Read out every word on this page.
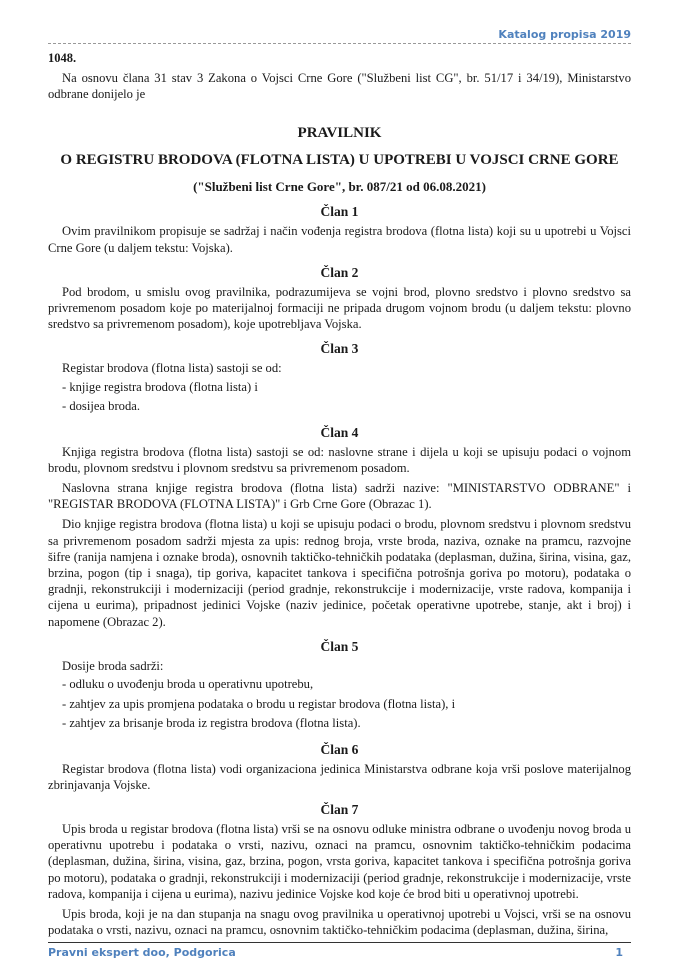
Katalog propisa 2019
1048.

Na osnovu člana 31 stav 3 Zakona o Vojsci Crne Gore ("Službeni list CG", br. 51/17 i 34/19), Ministarstvo odbrane donijelo je

PRAVILNIK
O REGISTRU BRODOVA (FLOTNA LISTA) U UPOTREBI U VOJSCI CRNE GORE
("Službeni list Crne Gore", br. 087/21 od 06.08.2021)
Član 1

Ovim pravilnikom propisuje se sadržaj i način vođenja registra brodova (flotna lista) koji su u upotrebi u Vojsci Crne Gore (u daljem tekstu: Vojska).

Član 2

Pod brodom, u smislu ovog pravilnika, podrazumijeva se vojni brod, plovno sredstvo i plovno sredstvo sa privremenom posadom koje po materijalnoj formaciji ne pripada drugom vojnom brodu (u daljem tekstu: plovno sredstvo sa privremenom posadom), koje upotrebljava Vojska.

Član 3

Registar brodova (flotna lista) sastoji se od:

- knjige registra brodova (flotna lista) i

- dosijea broda.

Član 4

Knjiga registra brodova (flotna lista) sastoji se od: naslovne strane i dijela u koji se upisuju podaci o vojnom brodu, plovnom sredstvu i plovnom sredstvu sa privremenom posadom.

Naslovna strana knjige registra brodova (flotna lista) sadrži nazive: "MINISTARSTVO ODBRANE" i "REGISTAR BRODOVA (FLOTNA LISTA)" i Grb Crne Gore (Obrazac 1).

Dio knjige registra brodova (flotna lista) u koji se upisuju podaci o brodu, plovnom sredstvu i plovnom sredstvu sa privremenom posadom sadrži mjesta za upis: rednog broja, vrste broda, naziva, oznake na pramcu, razvojne šifre (ranija namjena i oznake broda), osnovnih taktičko-tehničkih podataka (deplasman, dužina, širina, visina, gaz, brzina, pogon (tip i snaga), tip goriva, kapacitet tankova i specifična potrošnja goriva po motoru), podataka o gradnji, rekonstrukciji i modernizaciji (period gradnje, rekonstrukcije i modernizacije, vrste radova, kompanija i cijena u eurima), pripadnost jedinici Vojske (naziv jedinice, početak operativne upotrebe, stanje, akt i broj) i napomene (Obrazac 2).

Član 5

Dosije broda sadrži:

- odluku o uvođenju broda u operativnu upotrebu,

- zahtjev za upis promjena podataka o brodu u registar brodova (flotna lista), i

- zahtjev za brisanje broda iz registra brodova (flotna lista).

Član 6

Registar brodova (flotna lista) vodi organizaciona jedinica Ministarstva odbrane koja vrši poslove materijalnog zbrinjavanja Vojske.

Član 7

Upis broda u registar brodova (flotna lista) vrši se na osnovu odluke ministra odbrane o uvođenju novog broda u operativnu upotrebu i podataka o vrsti, nazivu, oznaci na pramcu, osnovnim taktičko-tehničkim podacima (deplasman, dužina, širina, visina, gaz, brzina, pogon, vrsta goriva, kapacitet tankova i specifična potrošnja goriva po motoru), podataka o gradnji, rekonstrukciji i modernizaciji (period gradnje, rekonstrukcije i modernizacije, vrste radova, kompanija i cijena u eurima), nazivu jedinice Vojske kod koje će brod biti u operativnoj upotrebi.

Upis broda, koji je na dan stupanja na snagu ovog pravilnika u operativnoj upotrebi u Vojsci, vrši se na osnovu podataka o vrsti, nazivu, oznaci na pramcu, osnovnim taktičko-tehničkim podacima (deplasman, dužina, širina,

Pravni ekspert doo, Podgorica	1
